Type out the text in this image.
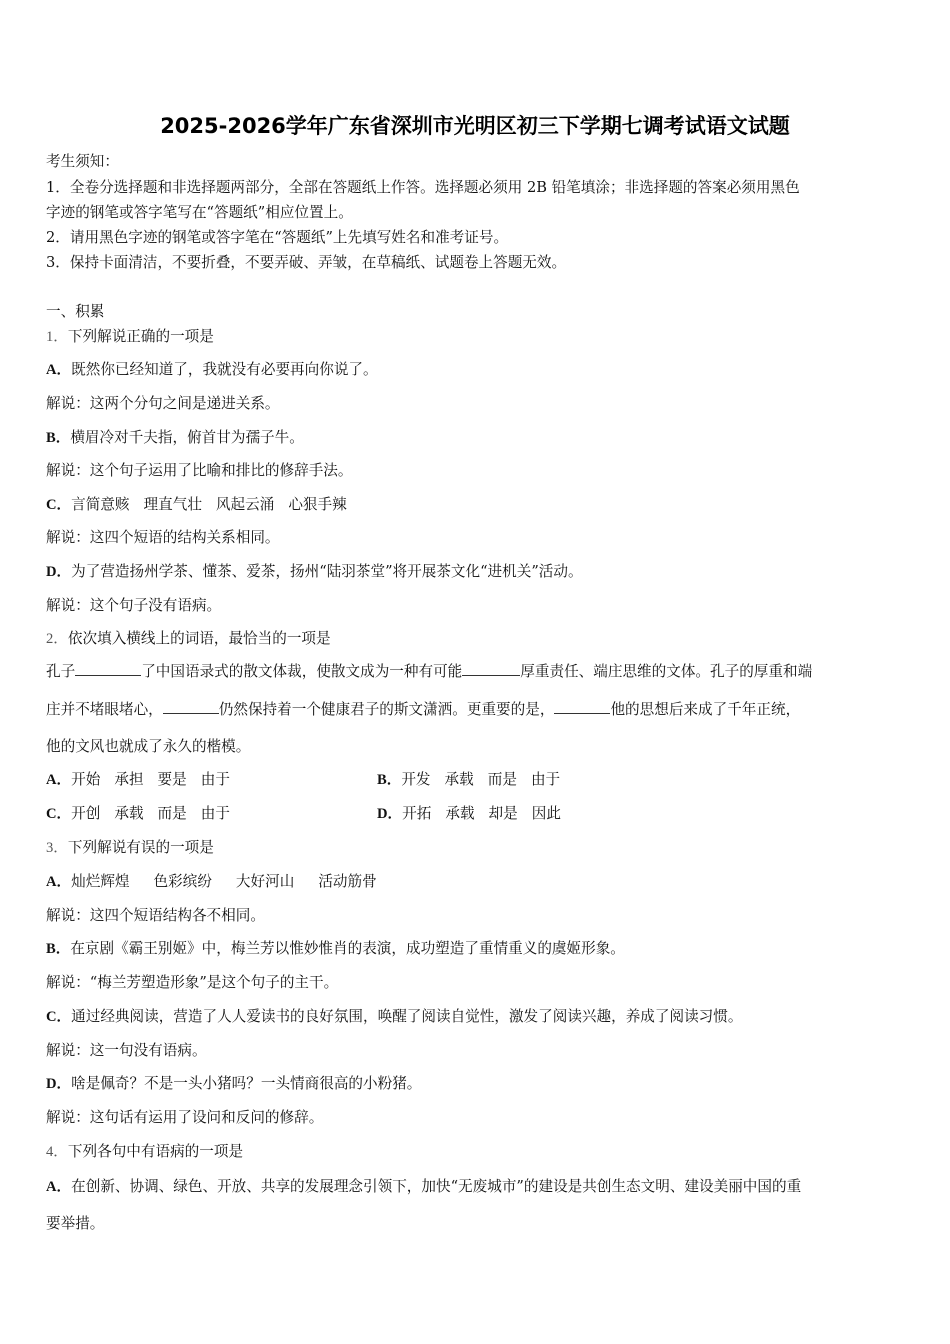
2025-2026学年广东省深圳市光明区初三下学期七调考试语文试题
考生须知：
1．全卷分选择题和非选择题两部分，全部在答题纸上作答。选择题必须用 2B 铅笔填涂；非选择题的答案必须用黑色
字迹的钢笔或答字笔写在“答题纸”相应位置上。
2．请用黑色字迹的钢笔或答字笔在“答题纸”上先填写姓名和准考证号。
3．保持卡面清洁，不要折叠，不要弄破、弄皱，在草稿纸、试题卷上答题无效。
一、积累
1．下列解说正确的一项是
A．既然你已经知道了，我就没有必要再向你说了。
解说：这两个分句之间是递进关系。
B．横眉冷对千夫指，俯首甘为孺子牛。
解说：这个句子运用了比喻和排比的修辞手法。
C．言简意赅 理直气壮 风起云涌 心狠手辣
解说：这四个短语的结构关系相同。
D．为了营造扬州学茶、懂茶、爱茶，扬州“陆羽茶堂”将开展茶文化“进机关”活动。
解说：这个句子没有语病。
2．依次填入横线上的词语，最恰当的一项是
孔子	了中国语录式的散文体裁，使散文成为一种有可能	厚重责任、端庄思维的文体。孔子的厚重和端
庄并不堵眼堵心，	仍然保持着一个健康君子的斯文潇洒。更重要的是，	他的思想后来成了千年正统，
他的文风也就成了永久的楷模。
A．开始 承担 要是 由于	B．开发 承载 而是 由于
C．开创 承载 而是 由于	D．开拓 承载 却是 因此
3．下列解说有误的一项是
A．灿烂辉煌 色彩缤纷 大好河山 活动筋骨
解说：这四个短语结构各不相同。
B．在京剧《霸王别姬》中，梅兰芳以惟妙惟肖的表演，成功塑造了重情重义的虞姬形象。
解说：“梅兰芳塑造形象”是这个句子的主干。
C．通过经典阅读，营造了人人爱读书的良好氛围，唤醒了阅读自觉性，激发了阅读兴趣，养成了阅读习惯。
解说：这一句没有语病。
D．啥是佩奇？不是一头小猪吗？一头情商很高的小粉猪。
解说：这句话有运用了设问和反问的修辞。
4．下列各句中有语病的一项是
A．在创新、协调、绿色、开放、共享的发展理念引领下，加快“无废城市”的建设是共创生态文明、建设美丽中国的重
要举措。
